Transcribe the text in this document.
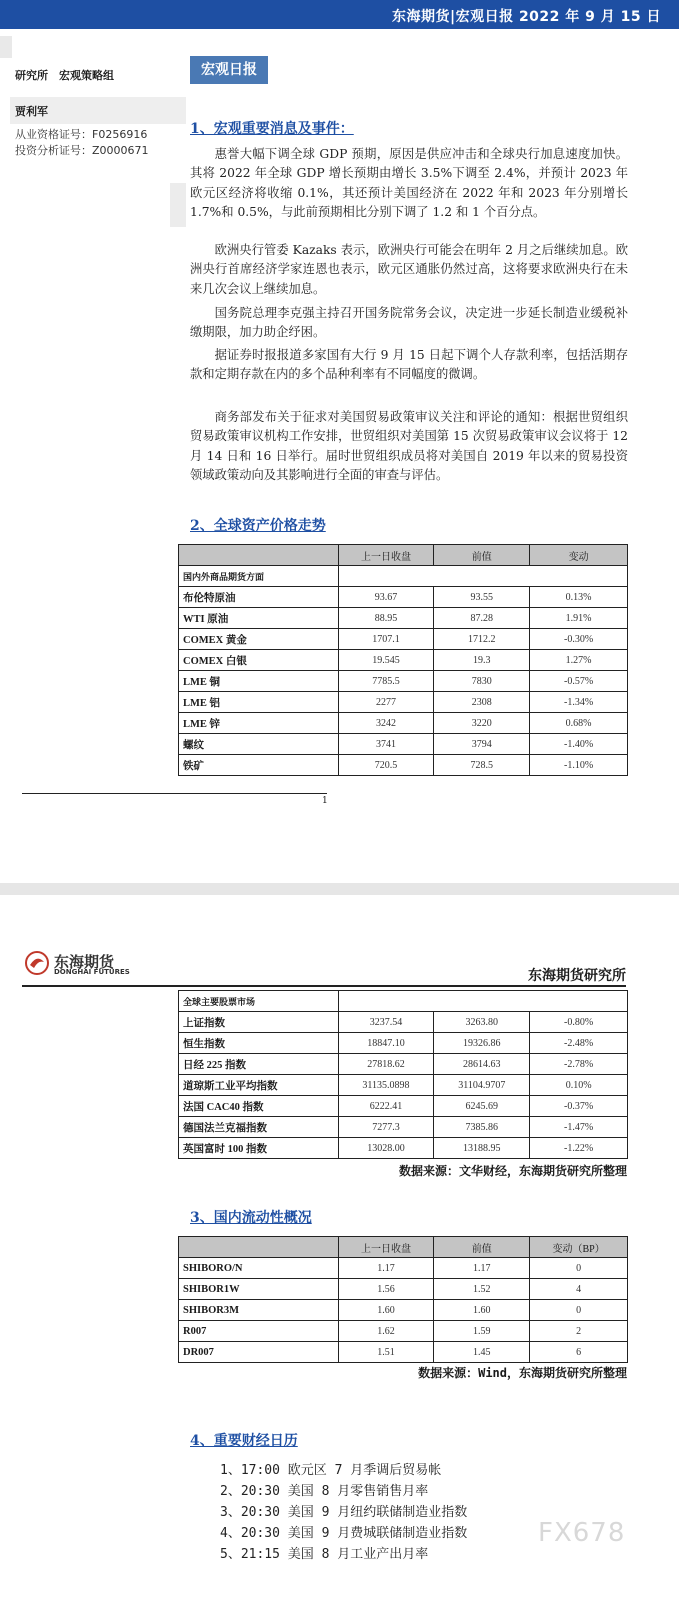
东海期货|宏观日报 2022 年 9 月 15 日
研究所　宏观策略组
贾利军
从业资格证号：F0256916
投资分析证号：Z0000671
宏观日报
1、宏观重要消息及事件：
惠誉大幅下调全球 GDP 预期，原因是供应冲击和全球央行加息速度加快。其将 2022 年全球 GDP 增长预期由增长 3.5%下调至 2.4%，并预计 2023 年欧元区经济将收缩 0.1%，其还预计美国经济在 2022 年和 2023 年分别增长 1.7%和 0.5%，与此前预期相比分别下调了 1.2 和 1 个百分点。
欧洲央行管委 Kazaks 表示，欧洲央行可能会在明年 2 月之后继续加息。欧洲央行首席经济学家连恩也表示，欧元区通胀仍然过高，这将要求欧洲央行在未来几次会议上继续加息。
国务院总理李克强主持召开国务院常务会议，决定进一步延长制造业缓税补缴期限，加力助企纾困。
据证券时报报道多家国有大行 9 月 15 日起下调个人存款利率，包括活期存款和定期存款在内的多个品种利率有不同幅度的微调。
商务部发布关于征求对美国贸易政策审议关注和评论的通知：根据世贸组织贸易政策审议机构工作安排，世贸组织对美国第 15 次贸易政策审议会议将于 12 月 14 日和 16 日举行。届时世贸组织成员将对美国自 2019 年以来的贸易投资领域政策动向及其影响进行全面的审查与评估。
2、全球资产价格走势
	上一日收盘	前值	变动
国内外商品期货方面			
布伦特原油	93.67	93.55	0.13%
WTI 原油	88.95	87.28	1.91%
COMEX 黄金	1707.1	1712.2	-0.30%
COMEX 白银	19.545	19.3	1.27%
LME 铜	7785.5	7830	-0.57%
LME 铝	2277	2308	-1.34%
LME 锌	3242	3220	0.68%
螺纹	3741	3794	-1.40%
铁矿	720.5	728.5	-1.10%
1
东海期货
DONGHAI FUTURES	东海期货研究所
全球主要股票市场			
上证指数	3237.54	3263.80	-0.80%
恒生指数	18847.10	19326.86	-2.48%
日经 225 指数	27818.62	28614.63	-2.78%
道琼斯工业平均指数	31135.0898	31104.9707	0.10%
法国 CAC40 指数	6222.41	6245.69	-0.37%
德国法兰克福指数	7277.3	7385.86	-1.47%
英国富时 100 指数	13028.00	13188.95	-1.22%
数据来源：文华财经，东海期货研究所整理
3、国内流动性概况
	上一日收盘	前值	变动（BP）
SHIBORO/N	1.17	1.17	0
SHIBOR1W	1.56	1.52	4
SHIBOR3M	1.60	1.60	0
R007	1.62	1.59	2
DR007	1.51	1.45	6
数据来源：Wind，东海期货研究所整理
4、重要财经日历
1、17:00 欧元区 7 月季调后贸易帐
2、20:30 美国 8 月零售销售月率
3、20:30 美国 9 月纽约联储制造业指数
4、20:30 美国 9 月费城联储制造业指数
5、21:15 美国 8 月工业产出月率
FX678
